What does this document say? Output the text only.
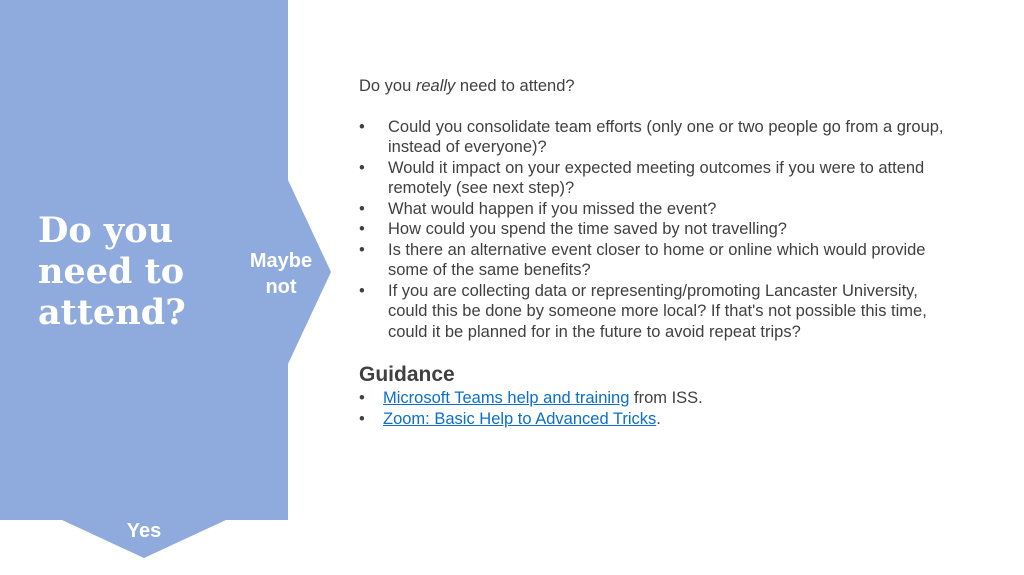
Do you
need to
attend?
Maybe
not
Yes

Do you really need to attend?

• Could you consolidate team efforts (only one or two people go from a group, instead of everyone)?
• Would it impact on your expected meeting outcomes if you were to attend remotely (see next step)?
• What would happen if you missed the event?
• How could you spend the time saved by not travelling?
• Is there an alternative event closer to home or online which would provide some of the same benefits?
• If you are collecting data or representing/promoting Lancaster University, could this be done by someone more local? If that's not possible this time, could it be planned for in the future to avoid repeat trips?
Guidance
• Microsoft Teams help and training from ISS.
• Zoom: Basic Help to Advanced Tricks.
